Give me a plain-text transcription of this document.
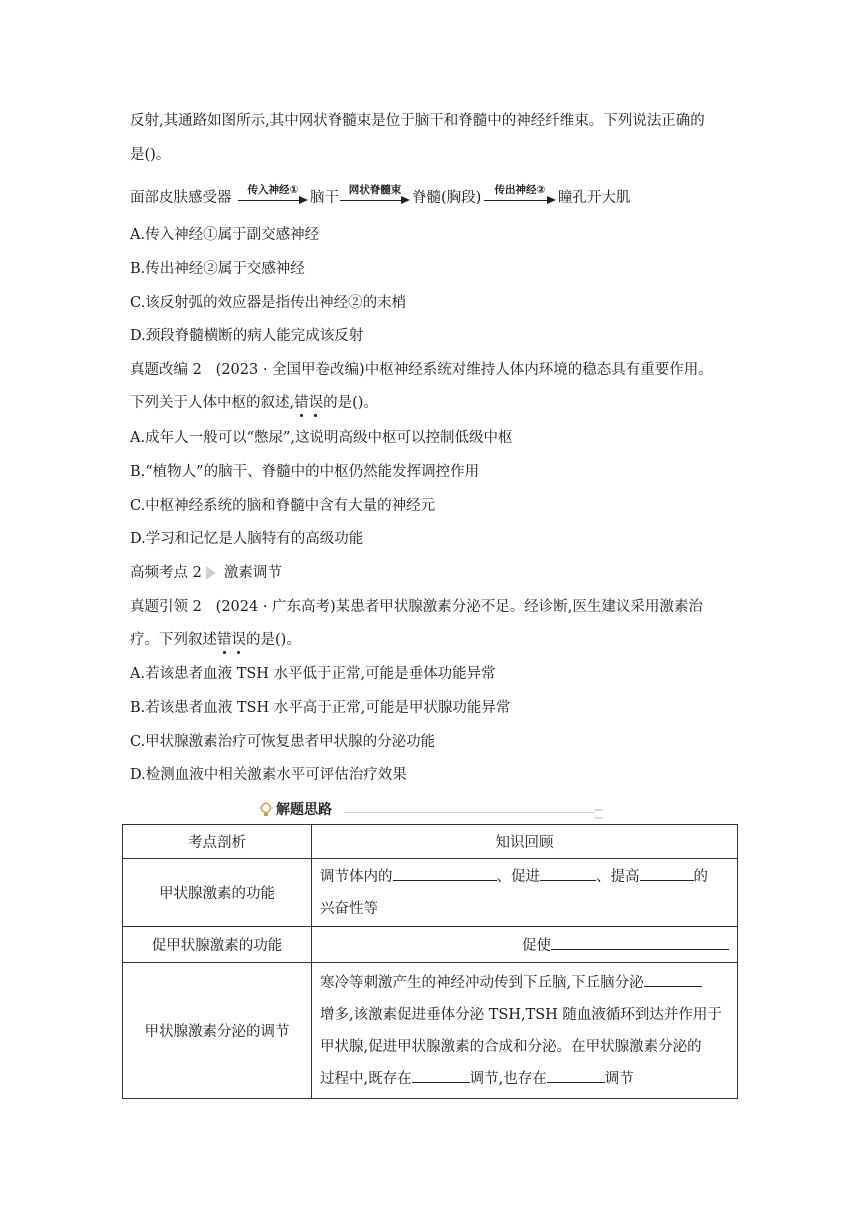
反射,其通路如图所示,其中网状脊髓束是位于脑干和脊髓中的神经纤维束。下列说法正确的
是()。
面部皮肤感受器	传入神经① 脑干 网状脊髓束 脊髓(胸段)	传出神经② 瞳孔开大肌
A.传入神经①属于副交感神经
B.传出神经②属于交感神经
C.该反射弧的效应器是指传出神经②的末梢
D.颈段脊髓横断的病人能完成该反射
真题改编 2 (2023 · 全国甲卷改编)中枢神经系统对维持人体内环境的稳态具有重要作用。
下列关于人体中枢的叙述,错误的是()。
A.成年人一般可以“憋尿”,这说明高级中枢可以控制低级中枢
B.“植物人”的脑干、脊髓中的中枢仍然能发挥调控作用
C.中枢神经系统的脑和脊髓中含有大量的神经元
D.学习和记忆是人脑特有的高级功能
高频考点 2 激素调节
真题引领 2 (2024 · 广东高考)某患者甲状腺激素分泌不足。经诊断,医生建议采用激素治
疗。下列叙述错误的是()。
A.若该患者血液 TSH 水平低于正常,可能是垂体功能异常
B.若该患者血液 TSH 水平高于正常,可能是甲状腺功能异常
C.甲状腺激素治疗可恢复患者甲状腺的分泌功能
D.检测血液中相关激素水平可评估治疗效果
解题思路
考点剖析	知识回顾
甲状腺激素的功能	调节体内的 、促进 、提高 的
兴奋性等

促甲状腺激素的功能	促使
甲状腺激素分泌的调节	寒冷等刺激产生的神经冲动传到下丘脑,下丘脑分泌
增多,该激素促进垂体分泌 TSH,TSH 随血液循环到达并作用于
甲状腺,促进甲状腺激素的合成和分泌。在甲状腺激素分泌的
过程中,既存在 调节,也存在 调节
